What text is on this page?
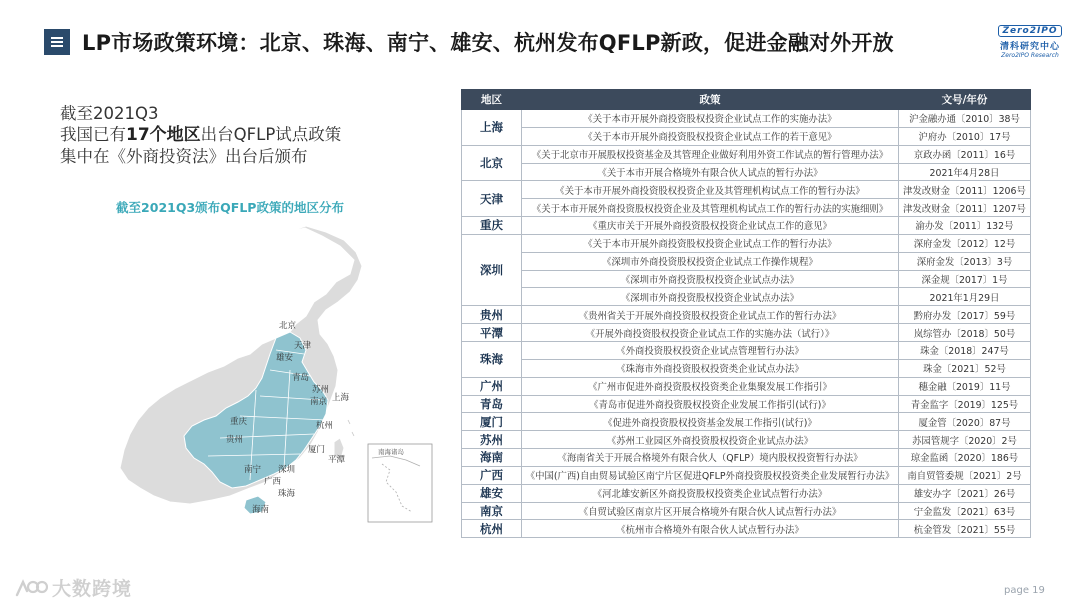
LP市场政策环境：北京、珠海、南宁、雄安、杭州发布QFLP新政，促进金融对外开放	Zero2IPO
清科研究中心
Zero2IPO Research
截至2021Q3
我国已有17个地区出台QFLP试点政策
集中在《外商投资法》出台后颁布
截至2021Q3颁布QFLP政策的地区分布
北京
天津
雄安
青岛
苏州
南京 上海
杭州
重庆
贵州
厦门
平潭
南宁 深圳
广西
珠海
海南
南海诸岛
地区	政策	文号/年份
上海	《关于本市开展外商投资股权投资企业试点工作的实施办法》	沪金融办通〔2010〕38号
	《关于本市开展外商投资股权投资企业试点工作的若干意见》	沪府办〔2010〕17号
北京	《关于北京市开展股权投资基金及其管理企业做好利用外资工作试点的暂行管理办法》	京政办函〔2011〕16号
	《关于本市开展合格境外有限合伙人试点的暂行办法》	2021年4月28日
天津	《关于本市开展外商投资股权投资企业及其管理机构试点工作的暂行办法》	津发改财金〔2011〕1206号
	《关于本市开展外商投资股权投资企业及其管理机构试点工作的暂行办法的实施细则》	津发改财金〔2011〕1207号
重庆	《重庆市关于开展外商投资股权投资企业试点工作的意见》	渝办发〔2011〕132号
深圳	《关于本市开展外商投资股权投资企业试点工作的暂行办法》	深府金发〔2012〕12号
	《深圳市外商投资股权投资企业试点工作操作规程》	深府金发〔2013〕3号
	《深圳市外商投资股权投资企业试点办法》	深金规〔2017〕1号
	《深圳市外商投资股权投资企业试点办法》	2021年1月29日
贵州	《贵州省关于开展外商投资股权投资企业试点工作的暂行办法》	黔府办发〔2017〕59号
平潭	《开展外商投资股权投资企业试点工作的实施办法（试行）》	岚综管办〔2018〕50号
珠海	《外商投资股权投资企业试点管理暂行办法》	珠金〔2018〕247号
	《珠海市外商投资股权投资类企业试点办法》	珠金〔2021〕52号
广州	《广州市促进外商投资股权投资类企业集聚发展工作指引》	穗金融〔2019〕11号
青岛	《青岛市促进外商投资股权投资企业发展工作指引(试行)》	青金监字〔2019〕125号
厦门	《促进外商投资股权投资基金发展工作指引(试行)》	厦金管〔2020〕87号
苏州	《苏州工业园区外商投资股权投资企业试点办法》	苏园管规字〔2020〕2号
海南	《海南省关于开展合格境外有限合伙人（QFLP）境内股权投资暂行办法》	琼金监函〔2020〕186号
广西	《中国(广西)自由贸易试验区南宁片区促进QFLP外商投资股权投资类企业发展暂行办法》	南自贸管委规〔2021〕2号
雄安	《河北雄安新区外商投资股权投资类企业试点暂行办法》	雄安办字〔2021〕26号
南京	《自贸试验区南京片区开展合格境外有限合伙人试点暂行办法》	宁金监发〔2021〕63号
杭州	《杭州市合格境外有限合伙人试点暂行办法》	杭金管发〔2021〕55号
大数跨境	page 19
